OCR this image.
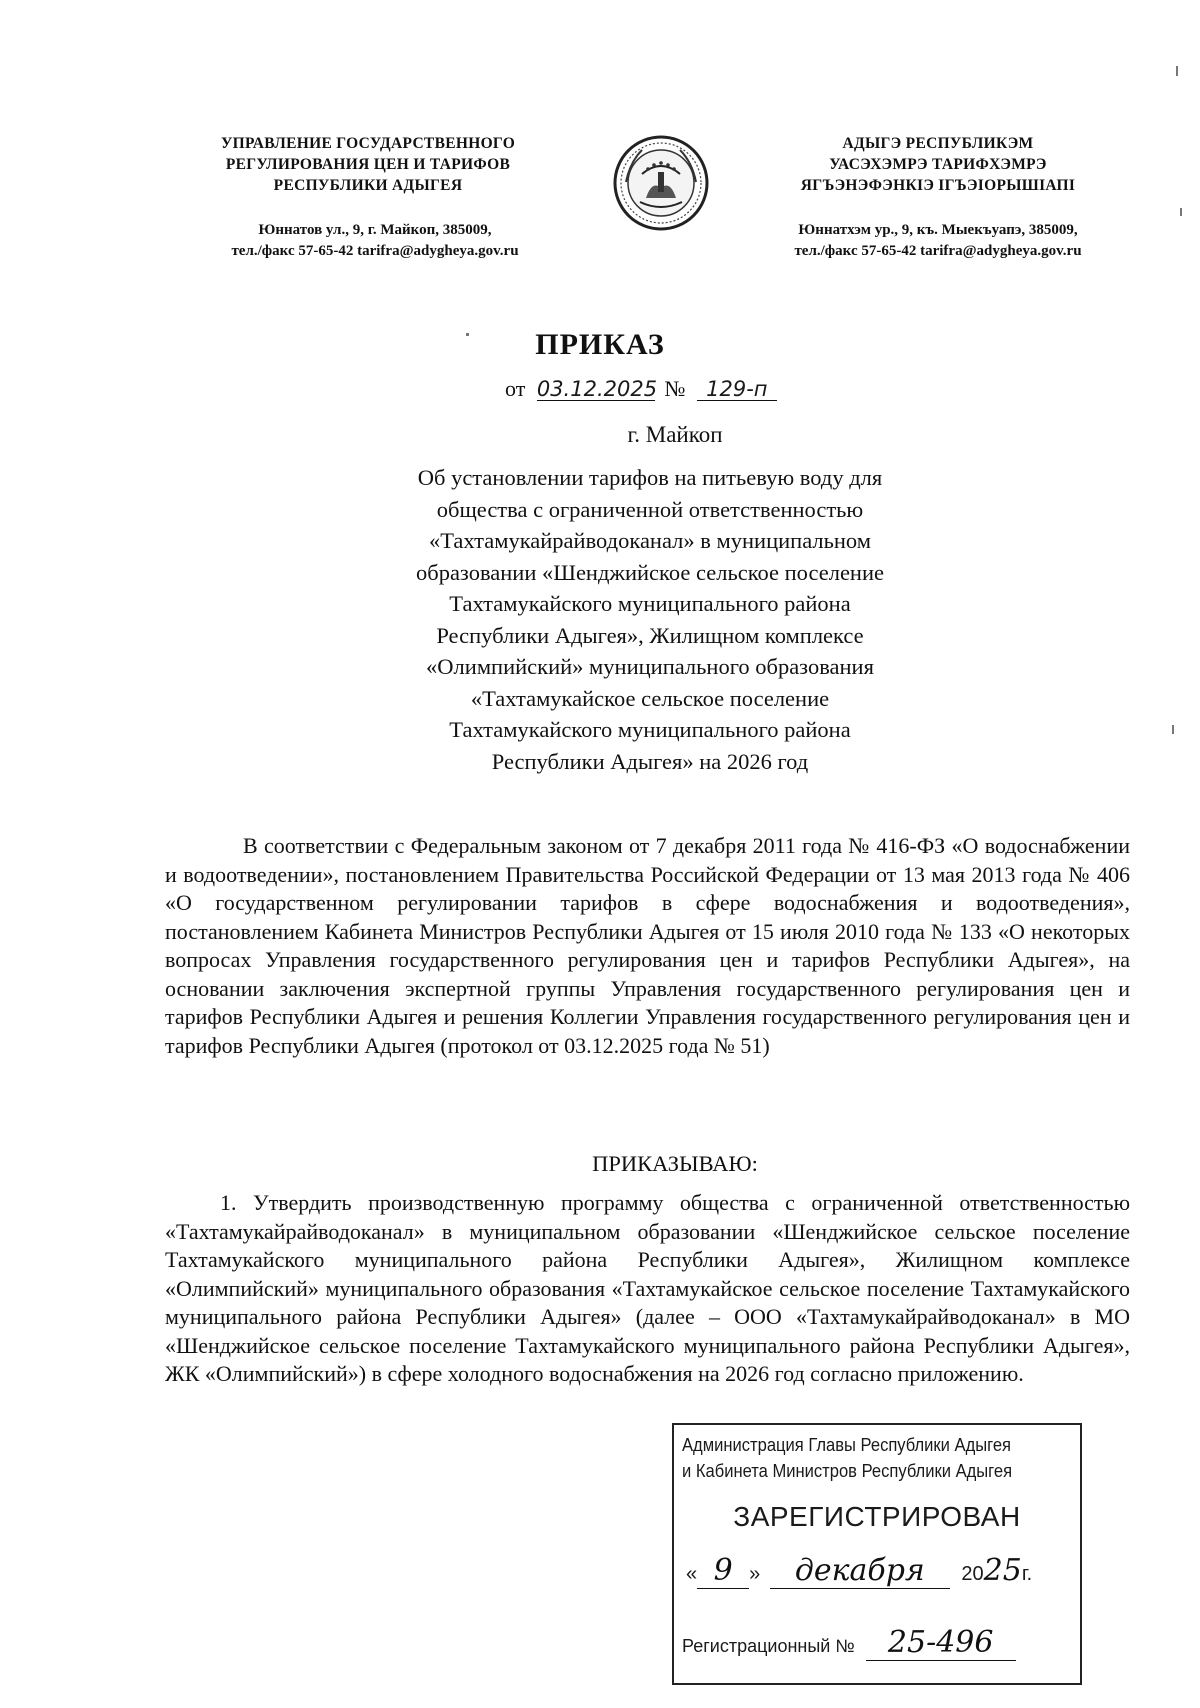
УПРАВЛЕНИЕ ГОСУДАРСТВЕННОГО
РЕГУЛИРОВАНИЯ ЦЕН И ТАРИФОВ
РЕСПУБЛИКИ АДЫГЕЯ
Юннатов ул., 9, г. Майкоп, 385009,
тел./факс 57-65-42 tarifra@adygheya.gov.ru
АДЫГЭ РЕСПУБЛИКЭМ
УАСЭХЭМРЭ ТАРИФХЭМРЭ
ЯГЪЭНЭФЭНКIЭ IГЪЭIОРЫШIАПI
Юннатхэм ур., 9, къ. Мыекъуапэ, 385009,
тел./факс 57-65-42 tarifra@adygheya.gov.ru
ПРИКАЗ
от 03.12.2025 № 129-п
г. Майкоп
Об установлении тарифов на питьевую воду для
общества с ограниченной ответственностью
«Тахтамукайрайводоканал» в муниципальном
образовании «Шенджийское сельское поселение
Тахтамукайского муниципального района
Республики Адыгея», Жилищном комплексе
«Олимпийский» муниципального образования
«Тахтамукайское сельское поселение
Тахтамукайского муниципального района
Республики Адыгея» на 2026 год
В соответствии с Федеральным законом от 7 декабря 2011 года № 416-ФЗ «О водоснабжении и водоотведении», постановлением Правительства Российской Федерации от 13 мая 2013 года № 406 «О государственном регулировании тарифов в сфере водоснабжения и водоотведения», постановлением Кабинета Министров Республики Адыгея от 15 июля 2010 года № 133 «О некоторых вопросах Управления государственного регулирования цен и тарифов Республики Адыгея», на основании заключения экспертной группы Управления государственного регулирования цен и тарифов Республики Адыгея и решения Коллегии Управления государственного регулирования цен и тарифов Республики Адыгея (протокол от 03.12.2025 года № 51)
ПРИКАЗЫВАЮ:
1. Утвердить производственную программу общества с ограниченной ответственностью «Тахтамукайрайводоканал» в муниципальном образовании «Шенджийское сельское поселение Тахтамукайского муниципального района Республики Адыгея», Жилищном комплексе «Олимпийский» муниципального образования «Тахтамукайское сельское поселение Тахтамукайского муниципального района Республики Адыгея» (далее – ООО «Тахтамукайрайводоканал» в МО «Шенджийское сельское поселение Тахтамукайского муниципального района Республики Адыгея», ЖК «Олимпийский») в сфере холодного водоснабжения на 2026 год согласно приложению.
Администрация Главы Республики Адыгея
и Кабинета Министров Республики Адыгея
ЗАРЕГИСТРИРОВАН
« 9 » декабря 2025г.
Регистрационный № 25-496
